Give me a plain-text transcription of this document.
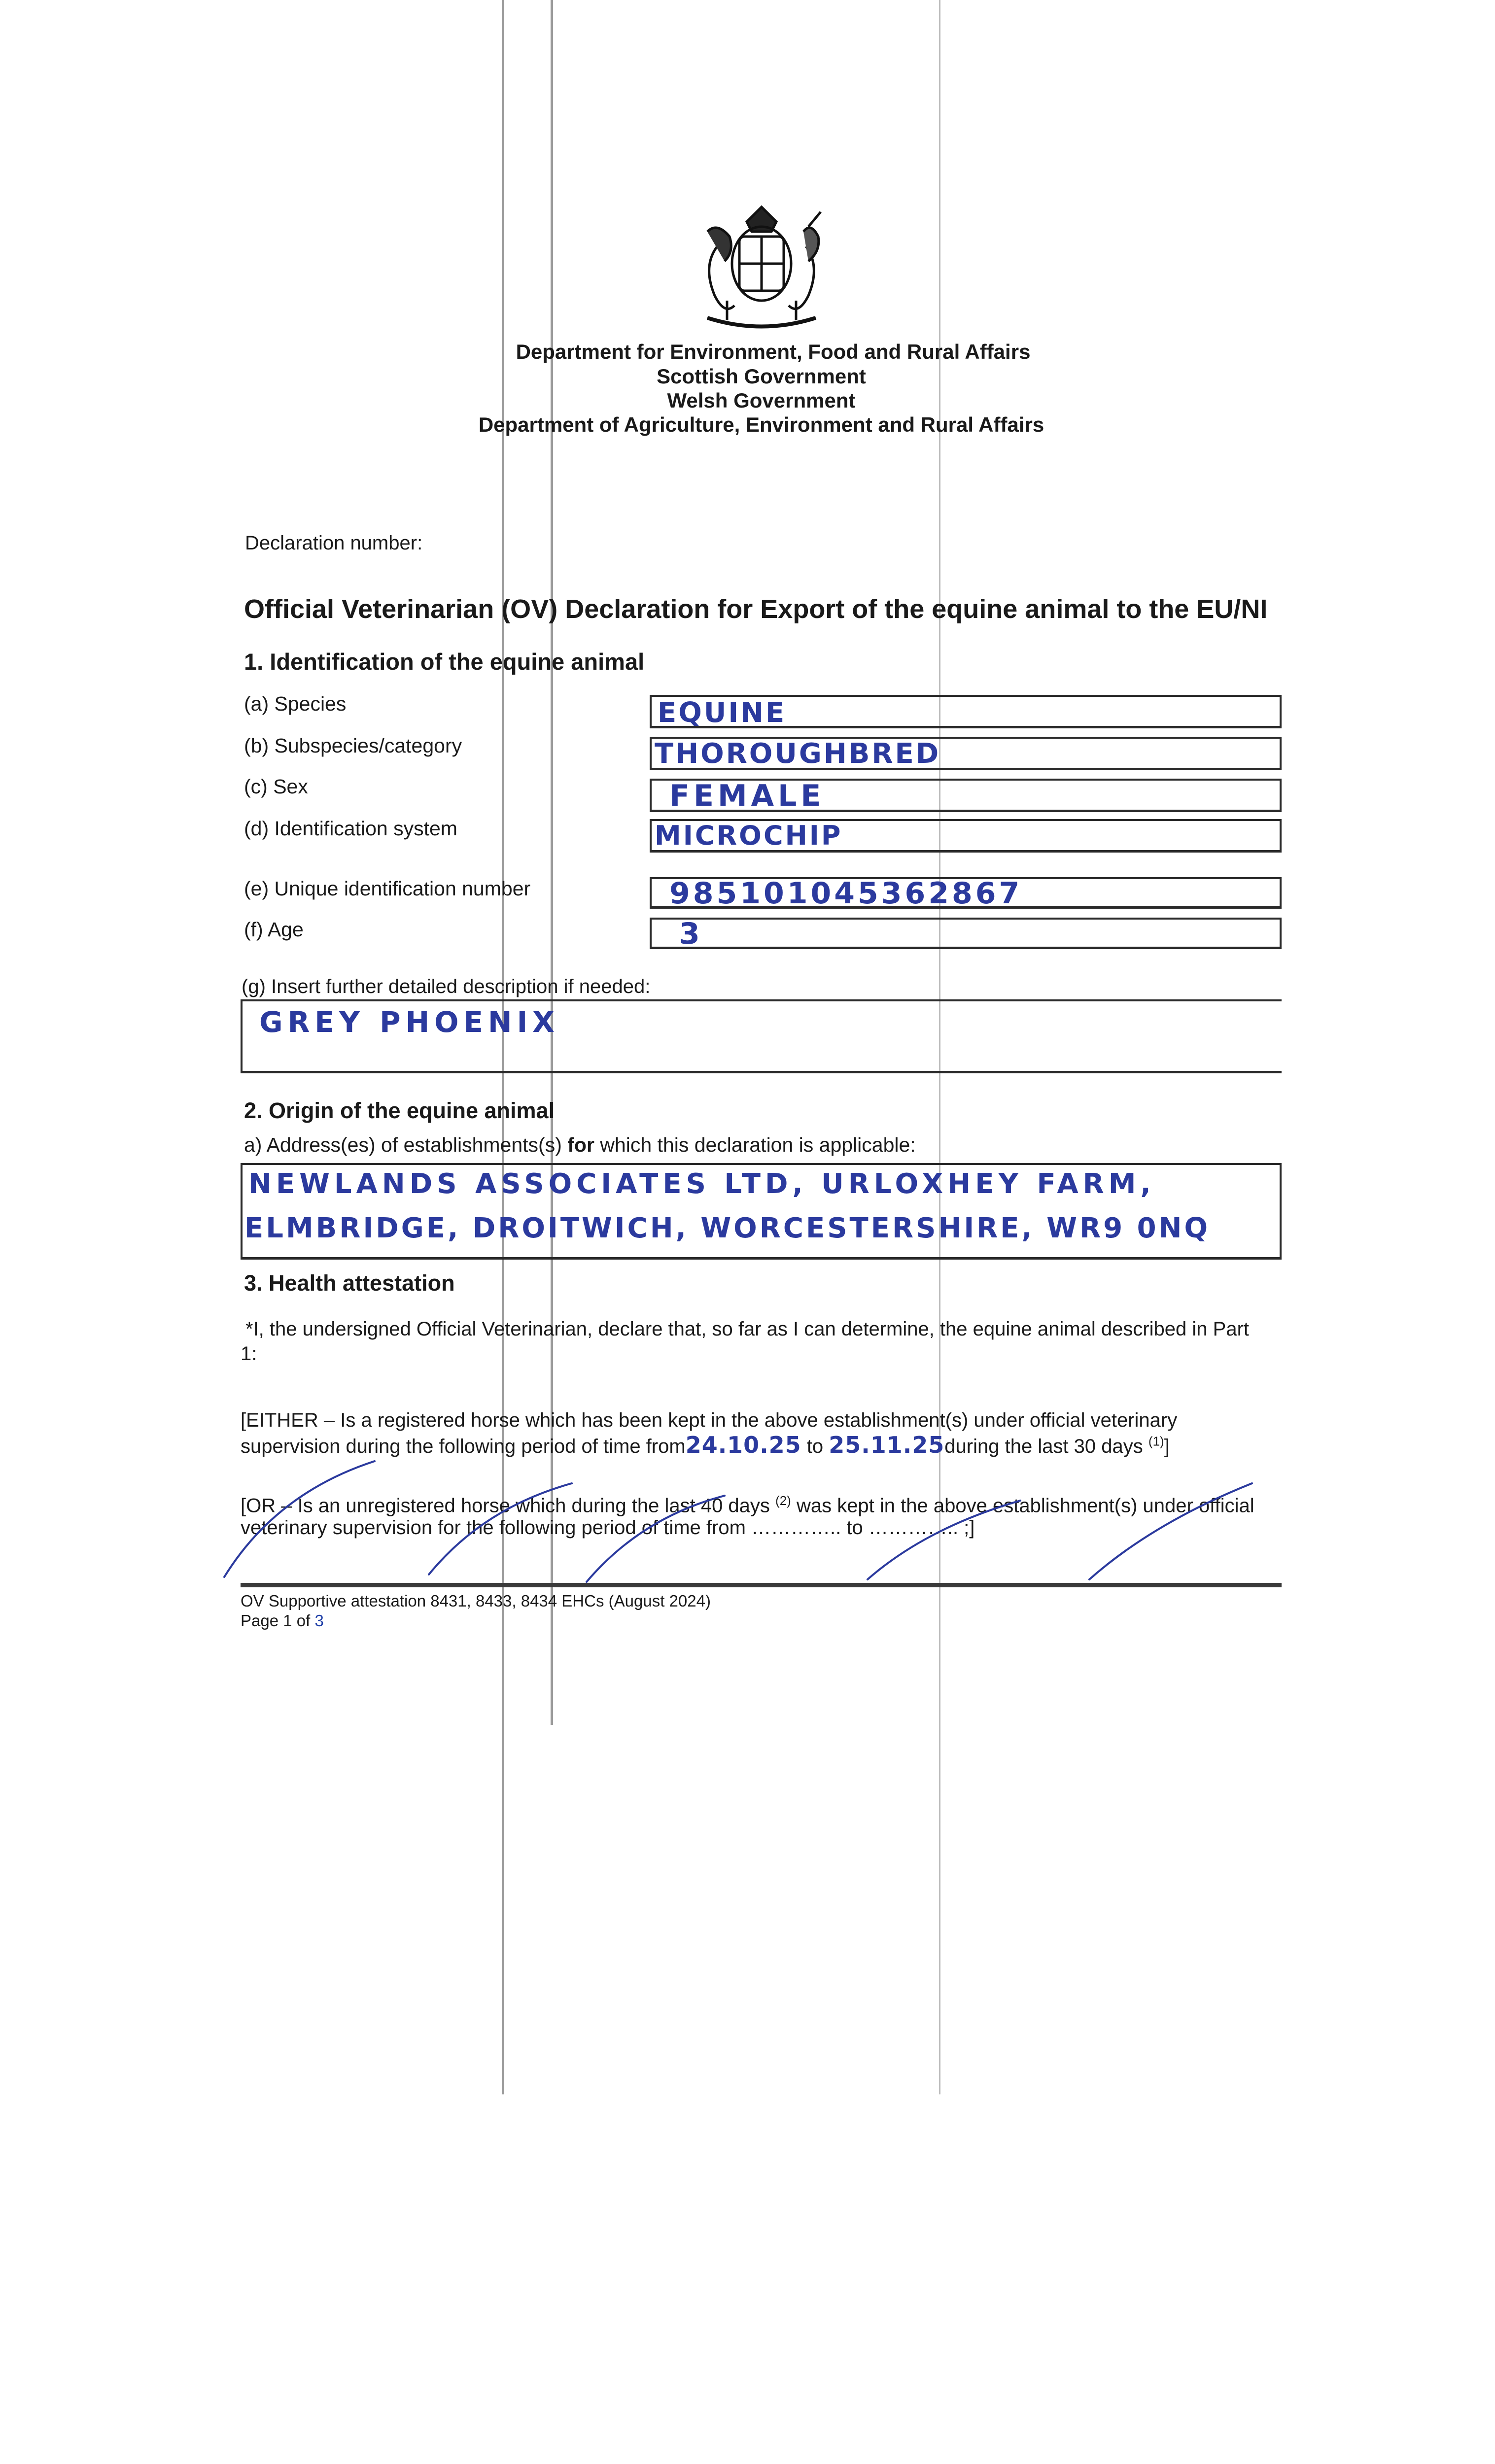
Department for Environment, Food and Rural Affairs
Scottish Government
Welsh Government
Department of Agriculture, Environment and Rural Affairs
Declaration number:
Official Veterinarian (OV) Declaration for Export of the equine animal to the EU/NI
1. Identification of the equine animal
(a) Species	EQUINE
(b) Subspecies/category	THOROUGHBRED
(c) Sex	FEMALE
(d) Identification system	MICROCHIP
(e) Unique identification number	985101045362867
(f) Age	3
(g) Insert further detailed description if needed:
GREY PHOENIX
2. Origin of the equine animal
a) Address(es) of establishments(s) for which this declaration is applicable:
NEWLANDS ASSOCIATES LTD, URLOXHEY FARM,
ELMBRIDGE, DROITWICH, WORCESTERSHIRE, WR9 0NQ
3. Health attestation
*I, the undersigned Official Veterinarian, declare that, so far as I can determine, the equine animal described in Part
1:
[EITHER – Is a registered horse which has been kept in the above establishment(s) under official veterinary
supervision during the following period of time from24.10.25 to 25.11.25during the last 30 days $^{(1)}$]
[OR – Is an unregistered horse which during the last 40 days $^{(2)}$ was kept in the above establishment(s) under official
veterinary supervision for the following period of time from ………….. to ………….. ;]
OV Supportive attestation 8431, 8433, 8434 EHCs (August 2024)
Page 1 of 3
